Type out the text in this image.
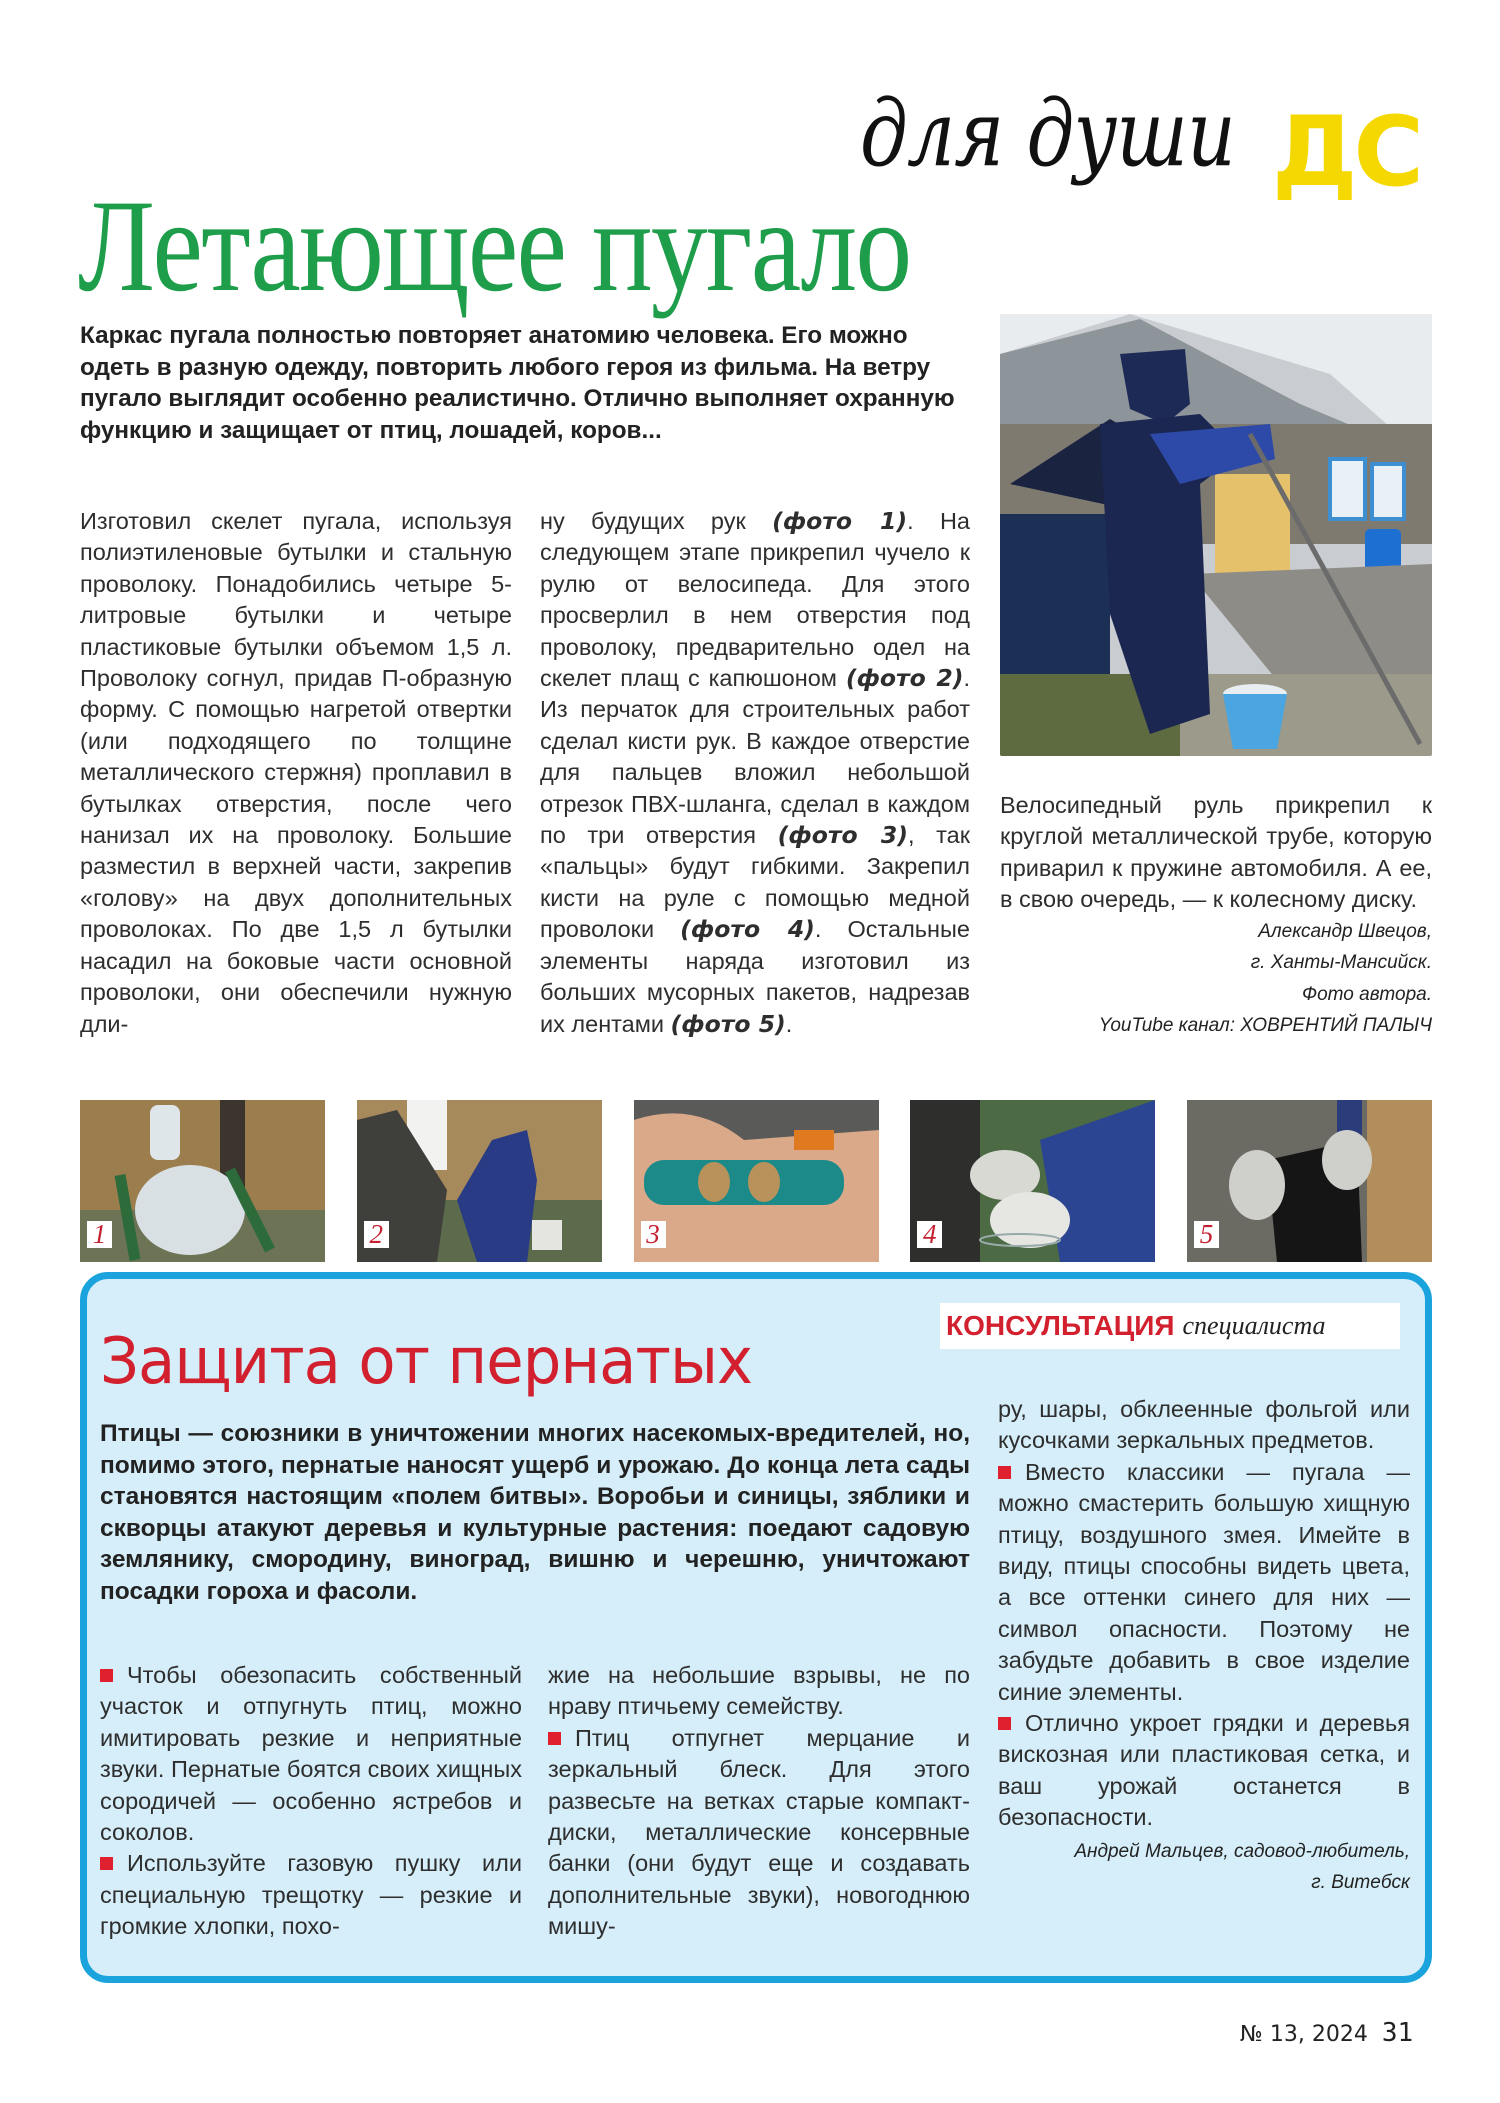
для души ДС
Летающее пугало
Каркас пугала полностью повторяет анатомию человека. Его можно одеть в разную одежду, повторить любого героя из фильма. На ветру пугало выглядит особенно реалистично. Отлично выполняет охранную функцию и защищает от птиц, лошадей, коров...
Изготовил скелет пугала, используя полиэтиленовые бутылки и стальную проволоку. Понадобились четыре 5-литровые бутылки и четыре пластиковые бутылки объемом 1,5 л. Проволоку согнул, придав П-образную форму. С помощью нагретой отвертки (или подходящего по толщине металлического стержня) проплавил в бутылках отверстия, после чего нанизал их на проволоку. Большие разместил в верхней части, закрепив «голову» на двух дополнительных проволоках. По две 1,5 л бутылки насадил на боковые части основной проволоки, они обеспечили нужную дли-
ну будущих рук (фото 1). На следующем этапе прикрепил чучело к рулю от велосипеда. Для этого просверлил в нем отверстия под проволоку, предварительно одел на скелет плащ с капюшоном (фото 2). Из перчаток для строительных работ сделал кисти рук. В каждое отверстие для пальцев вложил небольшой отрезок ПВХ-шланга, сделал в каждом по три отверстия (фото 3), так «пальцы» будут гибкими. Закрепил кисти на руле с помощью медной проволоки (фото 4). Остальные элементы наряда изготовил из больших мусорных пакетов, надрезав их лентами (фото 5).
Велосипедный руль прикрепил к круглой металлической трубе, которую приварил к пружине автомобиля. А ее, в свою очередь, — к колесному диску.
Александр Швецов,
г. Ханты-Мансийск.
Фото автора.
YouTube канал: ХОВРЕНТИЙ ПАЛЫЧ
1	2	3	4	5
КОНСУЛЬТАЦИЯ специалиста
Защита от пернатых
Птицы — союзники в уничтожении многих насекомых-вредителей, но, помимо этого, пернатые наносят ущерб и урожаю. До конца лета сады становятся настоящим «полем битвы». Воробьи и синицы, зяблики и скворцы атакуют деревья и культурные растения: поедают садовую землянику, смородину, виноград, вишню и черешню, уничтожают посадки гороха и фасоли.
Чтобы обезопасить собственный участок и отпугнуть птиц, можно имитировать резкие и неприятные звуки. Пернатые боятся своих хищных сородичей — особенно ястребов и соколов.
Используйте газовую пушку или специальную трещотку — резкие и громкие хлопки, похо-
жие на небольшие взрывы, не по нраву птичьему семейству.
Птиц отпугнет мерцание и зеркальный блеск. Для этого развесьте на ветках старые компакт-диски, металлические консервные банки (они будут еще и создавать дополнительные звуки), новогоднюю мишу-
ру, шары, обклеенные фольгой или кусочками зеркальных предметов.
Вместо классики — пугала — можно смастерить большую хищную птицу, воздушного змея. Имейте в виду, птицы способны видеть цвета, а все оттенки синего для них — символ опасности. Поэтому не забудьте добавить в свое изделие синие элементы.
Отлично укроет грядки и деревья вискозная или пластиковая сетка, и ваш урожай останется в безопасности.
Андрей Мальцев, садовод-любитель,
г. Витебск
№ 13, 2024 31
